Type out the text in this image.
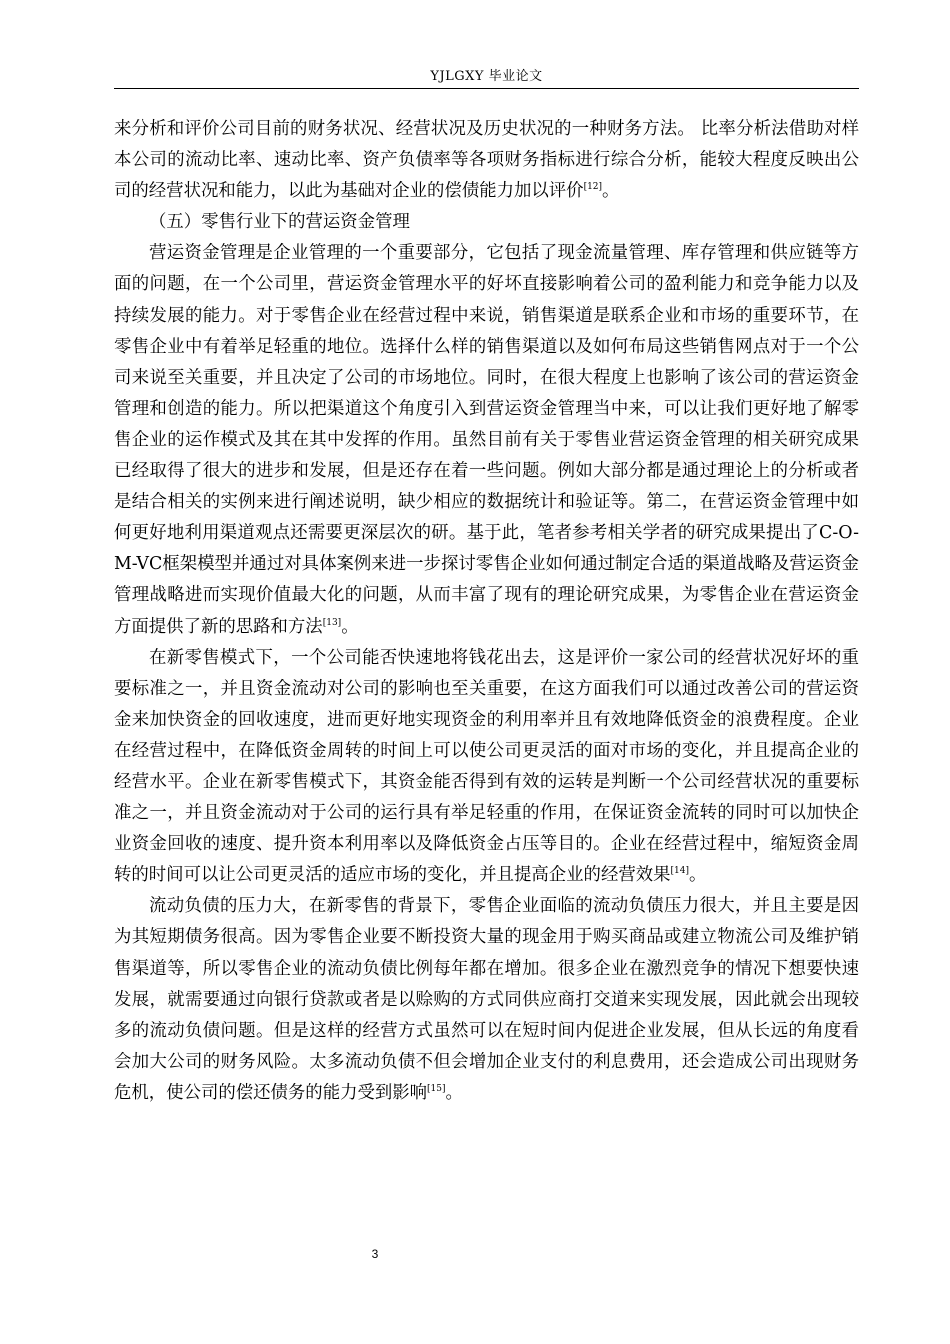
YJLGXY 毕业论文

来分析和评价公司目前的财务状况、经营状况及历史状况的一种财务方法。 比率分析法借助对样本公司的流动比率、速动比率、资产负债率等各项财务指标进行综合分析，能较大程度反映出公司的经营状况和能力，以此为基础对企业的偿债能力加以评价[12]。

（五）零售行业下的营运资金管理

营运资金管理是企业管理的一个重要部分，它包括了现金流量管理、库存管理和供应链等方面的问题，在一个公司里，营运资金管理水平的好坏直接影响着公司的盈利能力和竞争能力以及持续发展的能力。对于零售企业在经营过程中来说，销售渠道是联系企业和市场的重要环节，在零售企业中有着举足轻重的地位。选择什么样的销售渠道以及如何布局这些销售网点对于一个公司来说至关重要，并且决定了公司的市场地位。同时，在很大程度上也影响了该公司的营运资金管理和创造的能力。所以把渠道这个角度引入到营运资金管理当中来，可以让我们更好地了解零售企业的运作模式及其在其中发挥的作用。虽然目前有关于零售业营运资金管理的相关研究成果已经取得了很大的进步和发展，但是还存在着一些问题。例如大部分都是通过理论上的分析或者是结合相关的实例来进行阐述说明，缺少相应的数据统计和验证等。第二，在营运资金管理中如何更好地利用渠道观点还需要更深层次的研。基于此，笔者参考相关学者的研究成果提出了C-O-M-VC框架模型并通过对具体案例来进一步探讨零售企业如何通过制定合适的渠道战略及营运资金管理战略进而实现价值最大化的问题，从而丰富了现有的理论研究成果，为零售企业在营运资金方面提供了新的思路和方法[13]。

在新零售模式下，一个公司能否快速地将钱花出去，这是评价一家公司的经营状况好坏的重要标准之一，并且资金流动对公司的影响也至关重要，在这方面我们可以通过改善公司的营运资金来加快资金的回收速度，进而更好地实现资金的利用率并且有效地降低资金的浪费程度。企业在经营过程中，在降低资金周转的时间上可以使公司更灵活的面对市场的变化，并且提高企业的经营水平。企业在新零售模式下，其资金能否得到有效的运转是判断一个公司经营状况的重要标准之一，并且资金流动对于公司的运行具有举足轻重的作用，在保证资金流转的同时可以加快企业资金回收的速度、提升资本利用率以及降低资金占压等目的。企业在经营过程中，缩短资金周转的时间可以让公司更灵活的适应市场的变化，并且提高企业的经营效果[14]。

流动负债的压力大，在新零售的背景下，零售企业面临的流动负债压力很大，并且主要是因为其短期债务很高。因为零售企业要不断投资大量的现金用于购买商品或建立物流公司及维护销售渠道等，所以零售企业的流动负债比例每年都在增加。很多企业在激烈竞争的情况下想要快速发展，就需要通过向银行贷款或者是以赊购的方式同供应商打交道来实现发展，因此就会出现较多的流动负债问题。但是这样的经营方式虽然可以在短时间内促进企业发展，但从长远的角度看会加大公司的财务风险。太多流动负债不但会增加企业支付的利息费用，还会造成公司出现财务危机，使公司的偿还债务的能力受到影响[15]。

3
